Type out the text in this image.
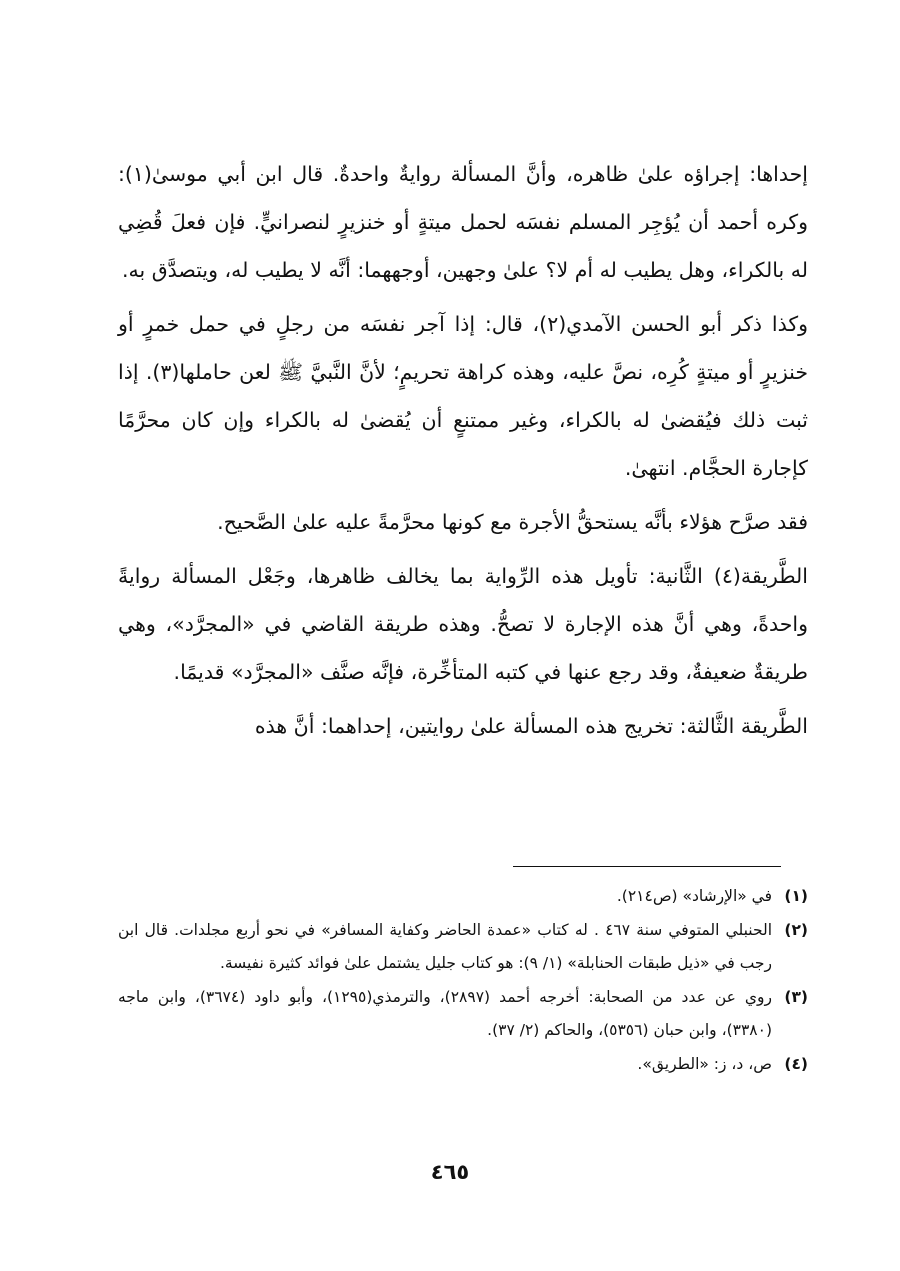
إحداها: إجراؤه علىٰ ظاهره، وأنَّ المسألة روايةٌ واحدةٌ. قال ابن أبي موسىٰ(١): وكره أحمد أن يُؤجِر المسلم نفسَه لحمل ميتةٍ أو خنزيرٍ لنصرانيٍّ. فإن فعلَ قُضِي له بالكراء، وهل يطيب له أم لا؟ علىٰ وجهين، أوجههما: أنَّه لا يطيب له، ويتصدَّق به.

وكذا ذكر أبو الحسن الآمدي(٢)، قال: إذا آجر نفسَه من رجلٍ في حمل خمرٍ أو خنزيرٍ أو ميتةٍ كُرِه، نصَّ عليه، وهذه كراهة تحريمٍ؛ لأنَّ النَّبيَّ ﷺ لعن حاملها(٣). إذا ثبت ذلك فيُقضىٰ له بالكراء، وغير ممتنعٍ أن يُقضىٰ له بالكراء وإن كان محرَّمًا كإجارة الحجَّام. انتهىٰ.

فقد صرَّح هؤلاء بأنَّه يستحقُّ الأجرة مع كونها محرَّمةً عليه علىٰ الصَّحيح.

الطَّريقة(٤) الثَّانية: تأويل هذه الرِّواية بما يخالف ظاهرها، وجَعْل المسألة روايةً واحدةً، وهي أنَّ هذه الإجارة لا تصحُّ. وهذه طريقة القاضي في «المجرَّد»، وهي طريقةٌ ضعيفةٌ، وقد رجع عنها في كتبه المتأخِّرة، فإنَّه صنَّف «المجرَّد» قديمًا.

الطَّريقة الثَّالثة: تخريج هذه المسألة علىٰ روايتين، إحداهما: أنَّ هذه

(١)
في «الإرشاد» (ص٢١٤).
(٢)
الحنبلي المتوفي سنة ٤٦٧ . له كتاب «عمدة الحاضر وكفاية المسافر» في نحو أربع مجلدات. قال ابن رجب في «ذيل طبقات الحنابلة» (١/ ٩): هو كتاب جليل يشتمل علىٰ فوائد كثيرة نفيسة.
(٣)
روي عن عدد من الصحابة: أخرجه أحمد (٢٨٩٧)، والترمذي(١٢٩٥)، وأبو داود (٣٦٧٤)، وابن ماجه (٣٣٨٠)، وابن حبان (٥٣٥٦)، والحاكم (٢/ ٣٧).
(٤)
ص، د، ز: «الطريق».
٤٦٥
